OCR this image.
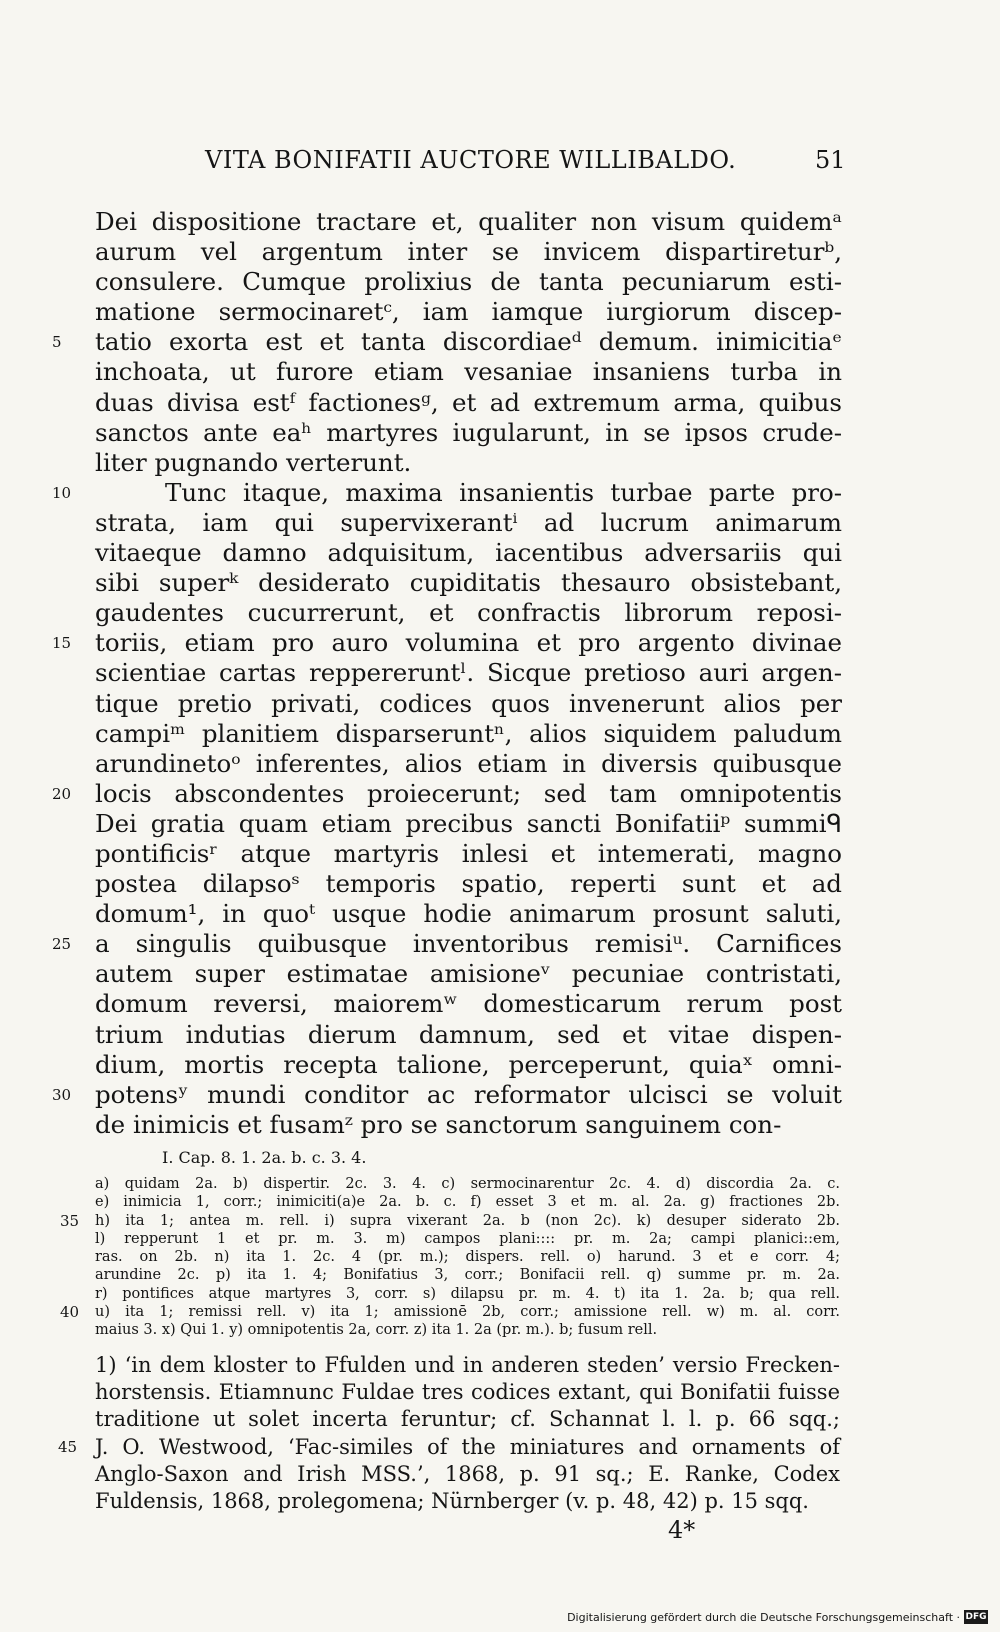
VITA BONIFATII AUCTORE WILLIBALDO.	51
Dei dispositione tractare et, qualiter non visum quidemᵃ
aurum vel argentum inter se invicem dispartireturᵇ,
consulere. Cumque prolixius de tanta pecuniarum esti-
matione sermocinaretᶜ, iam iamque iurgiorum discep-
5 tatio exorta est et tanta discordiaeᵈ demum. inimicitiaᵉ
inchoata, ut furore etiam vesaniae insaniens turba in
duas divisa estᶠ factionesᵍ, et ad extremum arma, quibus
sanctos ante eaʰ martyres iugularunt, in se ipsos crude-
liter pugnando verterunt.
10	Tunc itaque, maxima insanientis turbae parte pro-
strata, iam qui supervixerantⁱ ad lucrum animarum
vitaeque damno adquisitum, iacentibus adversariis qui
sibi superᵏ desiderato cupiditatis thesauro obsistebant,
gaudentes cucurrerunt, et confractis librorum reposi-
15 toriis, etiam pro auro volumina et pro argento divinae
scientiae cartas reppereruntˡ. Sicque pretioso auri argen-
tique pretio privati, codices quos invenerunt alios per
campiᵐ planitiem disparseruntⁿ, alios siquidem paludum
arundinetoᵒ inferentes, alios etiam in diversis quibusque
20 locis abscondentes proiecerunt; sed tam omnipotentis
Dei gratia quam etiam precibus sancti Bonifatiiᵖ summiᑫ
pontificisʳ atque martyris inlesi et intemerati, magno
postea dilapsoˢ temporis spatio, reperti sunt et ad
domum¹, in quoᵗ usque hodie animarum prosunt saluti,
25 a singulis quibusque inventoribus remisiᵘ. Carnifices
autem super estimatae amisioneᵛ pecuniae contristati,
domum reversi, maioremʷ domesticarum rerum post
trium indutias dierum damnum, sed et vitae dispen-
dium, mortis recepta talione, perceperunt, quiaˣ omni-
30 potensʸ mundi conditor ac reformator ulcisci se voluit
de inimicis et fusamᶻ pro se sanctorum sanguinem con-
I. Cap. 8. 1. 2a. b. c. 3. 4.
a) quidam 2a. b) dispertir. 2c. 3. 4. c) sermocinarentur 2c. 4. d) discordia 2a. c.
e) inimicia 1, corr.; inimiciti(a)e 2a. b. c. f) esset 3 et m. al. 2a. g) fractiones 2b.
35 h) ita 1; antea m. rell. i) supra vixerant 2a. b (non 2c). k) desuper siderato 2b.
l) repperunt 1 et pr. m. 3. m) campos plani:::: pr. m. 2a; campi planici::em,
ras. on 2b. n) ita 1. 2c. 4 (pr. m.); dispers. rell. o) harund. 3 et e corr. 4;
arundine 2c. p) ita 1. 4; Bonifatius 3, corr.; Bonifacii rell. q) summe pr. m. 2a.
r) pontifices atque martyres 3, corr. s) dilapsu pr. m. 4. t) ita 1. 2a. b; qua rell.
40 u) ita 1; remissi rell. v) ita 1; amissionē 2b, corr.; amissione rell. w) m. al. corr.
maius 3. x) Qui 1. y) omnipotentis 2a, corr. z) ita 1. 2a (pr. m.). b; fusum rell.
1) ‘in dem kloster to Ffulden und in anderen steden’ versio Frecken-
horstensis. Etiamnunc Fuldae tres codices extant, qui Bonifatii fuisse
traditione ut solet incerta feruntur; cf. Schannat l. l. p. 66 sqq.;
45 J. O. Westwood, ‘Fac-similes of the miniatures and ornaments of
Anglo-Saxon and Irish MSS.’, 1868, p. 91 sq.; E. Ranke, Codex
Fuldensis, 1868, prolegomena; Nürnberger (v. p. 48, 42) p. 15 sqq.
4*
Digitalisierung gefördert durch die Deutsche Forschungsgemeinschaft · DFG
